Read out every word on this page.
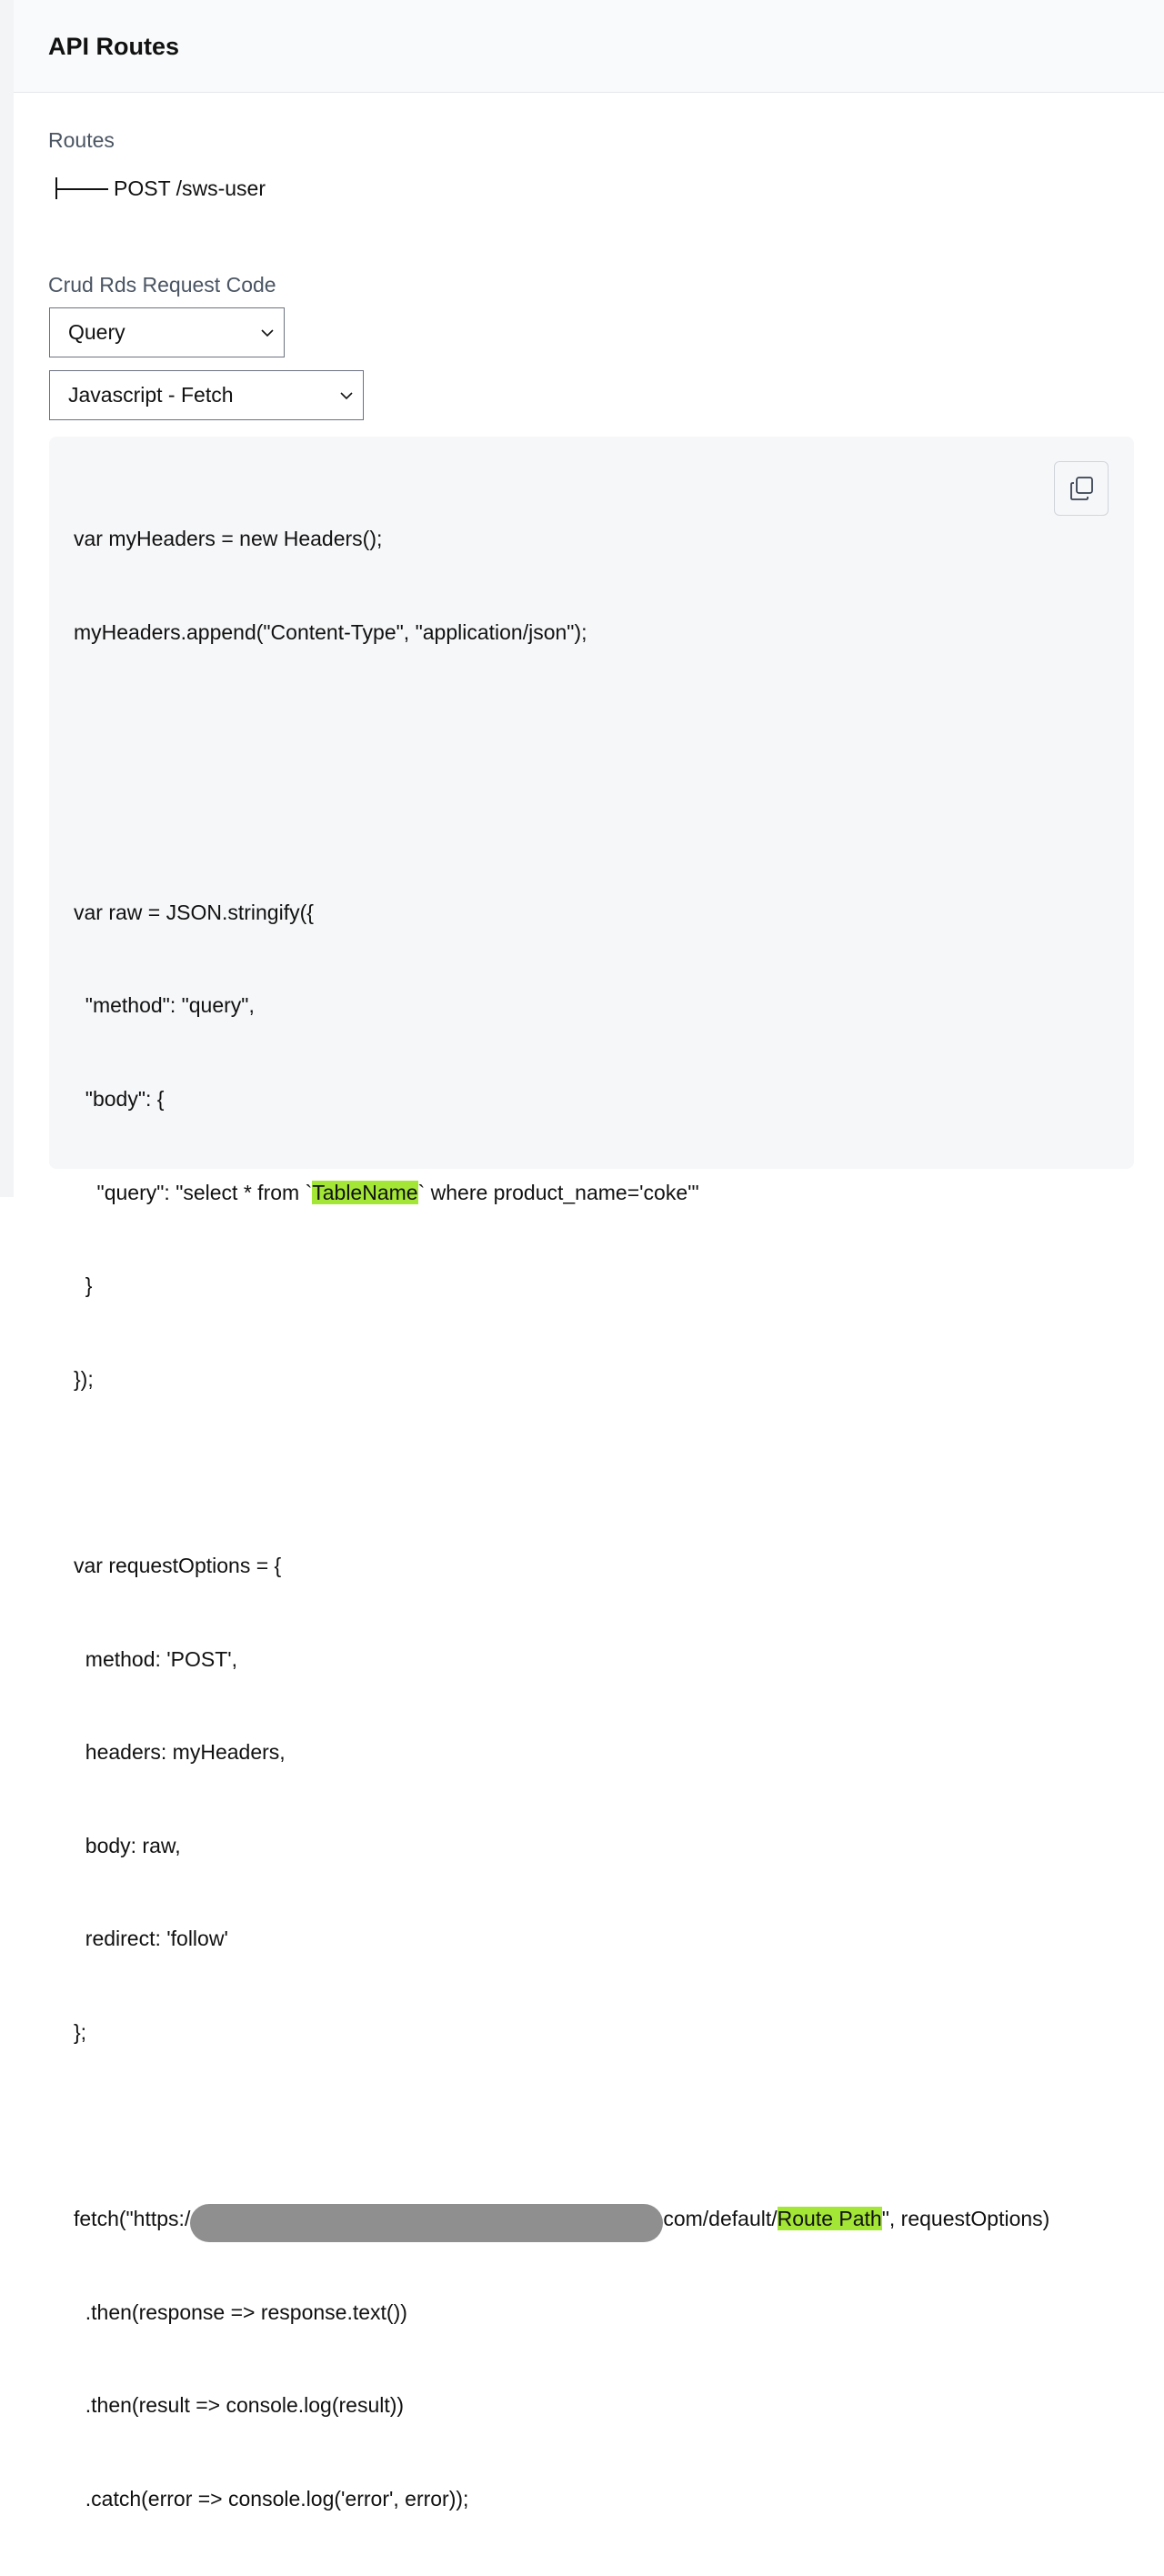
API Routes
Routes
POST /sws-user
Crud Rds Request Code
Query
Javascript - Fetch

var myHeaders = new Headers();

myHeaders.append("Content-Type", "application/json");

var raw = JSON.stringify({

"method": "query",

"body": {

"query": "select * from `TableName` where product_name='coke'"

}

});

var requestOptions = {

method: 'POST',

headers: myHeaders,

body: raw,

redirect: 'follow'

};

fetch("https:/	com/default/Route Path", requestOptions)

.then(response => response.text())

.then(result => console.log(result))

.catch(error => console.log('error', error));
